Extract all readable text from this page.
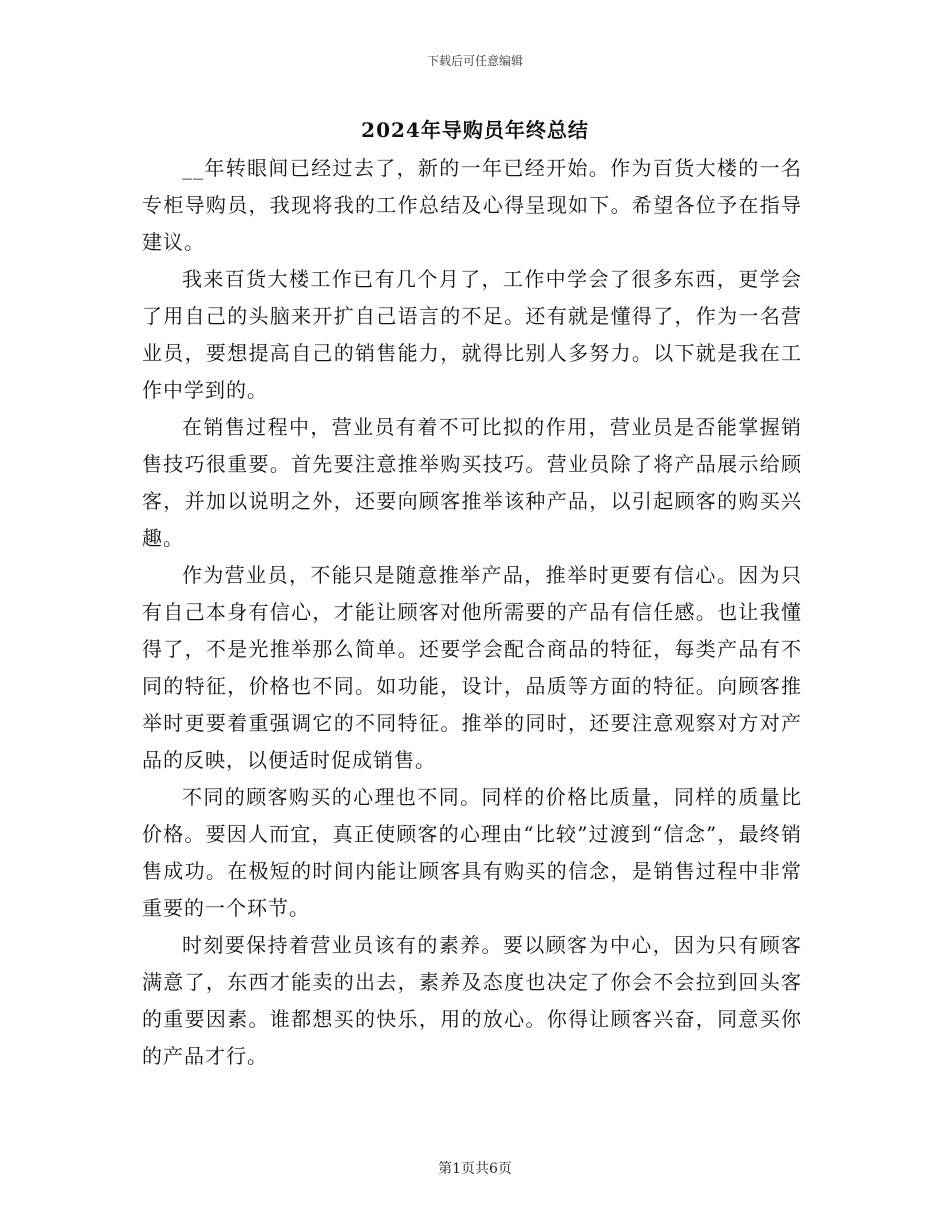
下载后可任意编辑
2024年导购员年终总结

__年转眼间已经过去了，新的一年已经开始。作为百货大楼的一名专柜导购员，我现将我的工作总结及心得呈现如下。希望各位予在指导建议。

我来百货大楼工作已有几个月了，工作中学会了很多东西，更学会了用自己的头脑来开扩自己语言的不足。还有就是懂得了，作为一名营业员，要想提高自己的销售能力，就得比别人多努力。以下就是我在工作中学到的。

在销售过程中，营业员有着不可比拟的作用，营业员是否能掌握销售技巧很重要。首先要注意推举购买技巧。营业员除了将产品展示给顾客，并加以说明之外，还要向顾客推举该种产品，以引起顾客的购买兴趣。

作为营业员，不能只是随意推举产品，推举时更要有信心。因为只有自己本身有信心，才能让顾客对他所需要的产品有信任感。也让我懂得了，不是光推举那么简单。还要学会配合商品的特征，每类产品有不同的特征，价格也不同。如功能，设计，品质等方面的特征。向顾客推举时更要着重强调它的不同特征。推举的同时，还要注意观察对方对产品的反映，以便适时促成销售。

不同的顾客购买的心理也不同。同样的价格比质量，同样的质量比价格。要因人而宜，真正使顾客的心理由“比较”过渡到“信念”，最终销售成功。在极短的时间内能让顾客具有购买的信念，是销售过程中非常重要的一个环节。

时刻要保持着营业员该有的素养。要以顾客为中心，因为只有顾客满意了，东西才能卖的出去，素养及态度也决定了你会不会拉到回头客的重要因素。谁都想买的快乐，用的放心。你得让顾客兴奋，同意买你的产品才行。

第1页共6页
